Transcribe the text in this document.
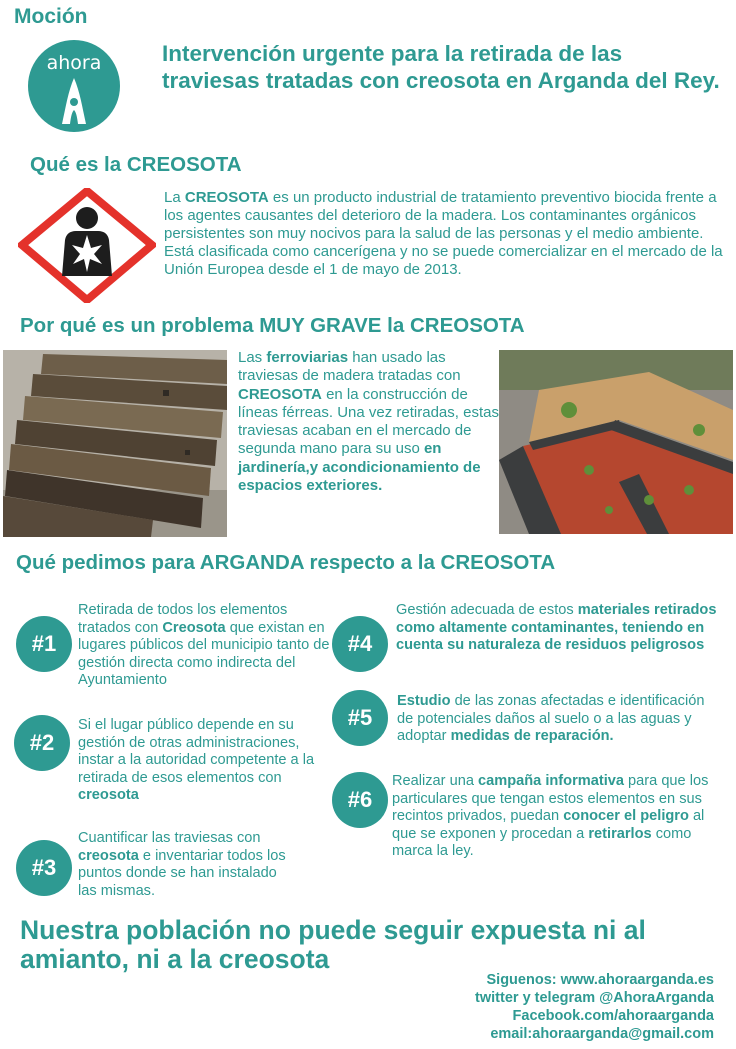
Moción
ahora	Intervención urgente para la retirada de las traviesas tratadas con creosota en Arganda del Rey.
Qué es la CREOSOTA
La CREOSOTA es un producto industrial de tratamiento preventivo biocida frente a los agentes causantes del deterioro de la madera. Los contaminantes orgánicos persistentes son muy nocivos para la salud de las personas y el medio ambiente. Está clasificada como cancerígena y no se puede comercializar en el mercado de la Unión Europea desde el 1 de mayo de 2013.
Por qué es un problema MUY GRAVE la CREOSOTA
Las ferroviarias han usado las traviesas de madera tratadas con CREOSOTA en la construcción de líneas férreas. Una vez retiradas, estas traviesas acaban en el mercado de segunda mano para su uso en jardinería,y acondicionamiento de espacios exteriores.
Qué pedimos para ARGANDA respecto a la CREOSOTA
#1
Retirada de todos los elementos tratados con Creosota que existan en lugares públicos del municipio tanto de gestión directa como indirecta del Ayuntamiento
#2
Si el lugar público depende en su gestión de otras administraciones, instar a la autoridad competente a la retirada de esos elementos con creosota
#3
Cuantificar las traviesas con creosota e inventariar todos los puntos donde se han instalado las mismas.
#4
Gestión adecuada de estos materiales retirados como altamente contaminantes, teniendo en cuenta su naturaleza de residuos peligrosos
#5
Estudio de las zonas afectadas e identificación de potenciales daños al suelo o a las aguas y adoptar medidas de reparación.
#6
Realizar una campaña informativa para que los particulares que tengan estos elementos en sus recintos privados, puedan conocer el peligro al que se exponen y procedan a retirarlos como marca la ley.
Nuestra población no puede seguir expuesta ni al amianto, ni a la creosota
Siguenos: www.ahoraarganda.es
twitter y telegram @AhoraArganda
Facebook.com/ahoraarganda
email:ahoraarganda@gmail.com
